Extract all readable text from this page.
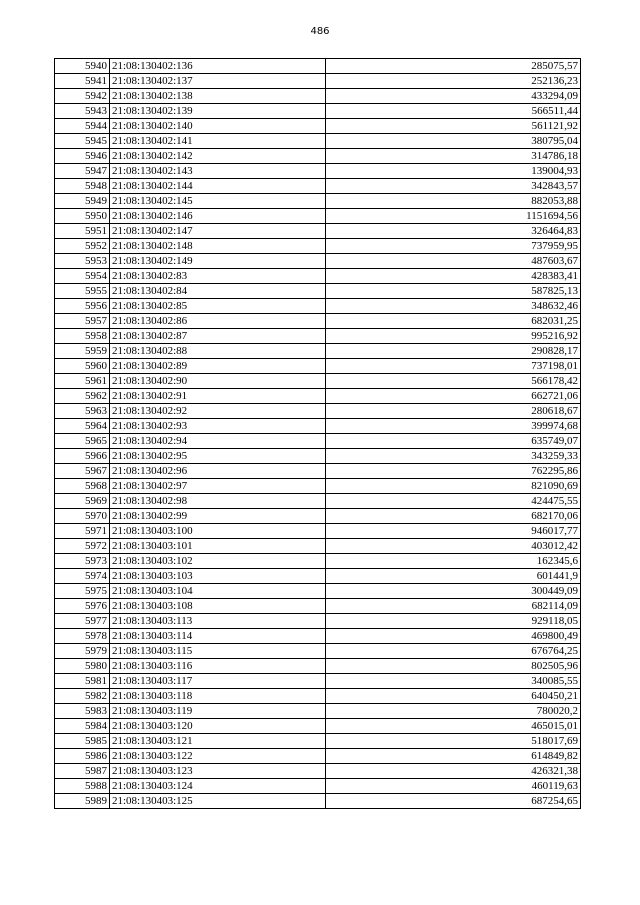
486
5940	21:08:130402:136	285075,57
5941	21:08:130402:137	252136,23
5942	21:08:130402:138	433294,09
5943	21:08:130402:139	566511,44
5944	21:08:130402:140	561121,92
5945	21:08:130402:141	380795,04
5946	21:08:130402:142	314786,18
5947	21:08:130402:143	139004,93
5948	21:08:130402:144	342843,57
5949	21:08:130402:145	882053,88
5950	21:08:130402:146	1151694,56
5951	21:08:130402:147	326464,83
5952	21:08:130402:148	737959,95
5953	21:08:130402:149	487603,67
5954	21:08:130402:83	428383,41
5955	21:08:130402:84	587825,13
5956	21:08:130402:85	348632,46
5957	21:08:130402:86	682031,25
5958	21:08:130402:87	995216,92
5959	21:08:130402:88	290828,17
5960	21:08:130402:89	737198,01
5961	21:08:130402:90	566178,42
5962	21:08:130402:91	662721,06
5963	21:08:130402:92	280618,67
5964	21:08:130402:93	399974,68
5965	21:08:130402:94	635749,07
5966	21:08:130402:95	343259,33
5967	21:08:130402:96	762295,86
5968	21:08:130402:97	821090,69
5969	21:08:130402:98	424475,55
5970	21:08:130402:99	682170,06
5971	21:08:130403:100	946017,77
5972	21:08:130403:101	403012,42
5973	21:08:130403:102	162345,6
5974	21:08:130403:103	601441,9
5975	21:08:130403:104	300449,09
5976	21:08:130403:108	682114,09
5977	21:08:130403:113	929118,05
5978	21:08:130403:114	469800,49
5979	21:08:130403:115	676764,25
5980	21:08:130403:116	802505,96
5981	21:08:130403:117	340085,55
5982	21:08:130403:118	640450,21
5983	21:08:130403:119	780020,2
5984	21:08:130403:120	465015,01
5985	21:08:130403:121	518017,69
5986	21:08:130403:122	614849,82
5987	21:08:130403:123	426321,38
5988	21:08:130403:124	460119,63
5989	21:08:130403:125	687254,65
